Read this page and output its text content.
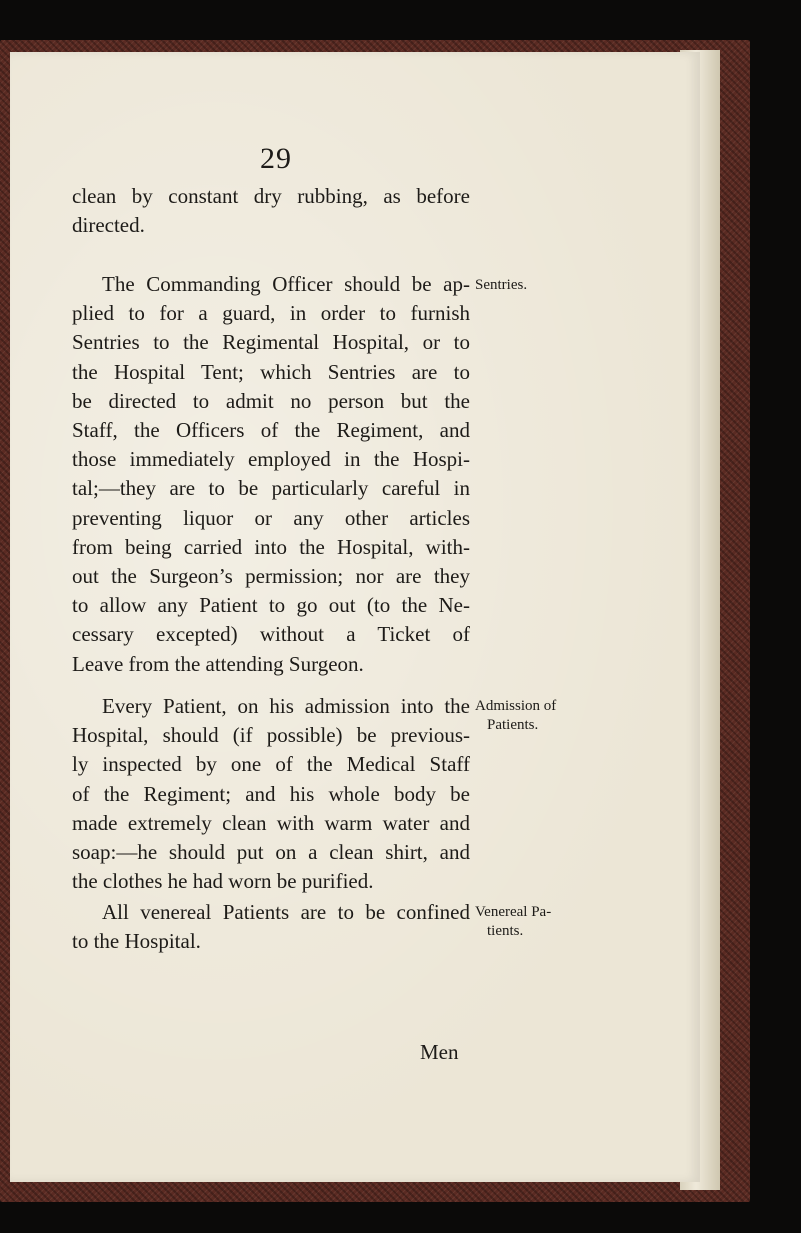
29
clean by constant dry rubbing, as before
directed.
The Commanding Officer should be ap-
plied to for a guard, in order to furnish
Sentries to the Regimental Hospital, or to
the Hospital Tent; which Sentries are to
be directed to admit no person but the
Staff, the Officers of the Regiment, and
those immediately employed in the Hospi-
tal;—they are to be particularly careful in
preventing liquor or any other articles
from being carried into the Hospital, with-
out the Surgeon’s permission; nor are they
to allow any Patient to go out (to the Ne-
cessary excepted) without a Ticket of
Leave from the attending Surgeon.
Every Patient, on his admission into the
Hospital, should (if possible) be previous-
ly inspected by one of the Medical Staff
of the Regiment; and his whole body be
made extremely clean with warm water and
soap:—he should put on a clean shirt, and
the clothes he had worn be purified.
All venereal Patients are to be confined
to the Hospital.
Sentries.
Admission of
Patients.
Venereal Pa-
tients.
Men
